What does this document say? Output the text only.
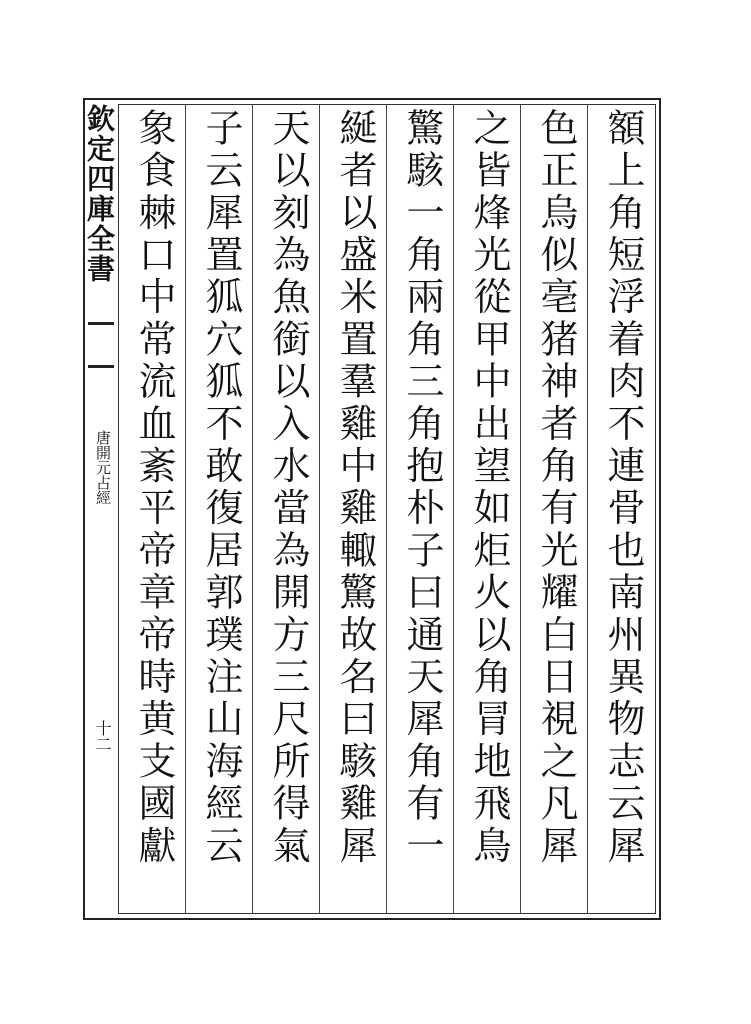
欽定四庫全書
唐開元占經
十二
額上角短浮着肉不連骨也南州異物志云犀
色正烏似亳猪神者角有光耀白日視之凡犀
之皆烽光從甲中出望如炬火以角冐地飛鳥
驚駭一角兩角三角抱朴子曰通天犀角有一
綖者以盛米置羣雞中雞輙驚故名曰駭雞犀
天以刻為魚銜以入水當為開方三尺所得氣
子云犀置狐穴狐不敢復居郭璞注山海經云
象食棘口中常流血紊平帝章帝時黄支國獻
